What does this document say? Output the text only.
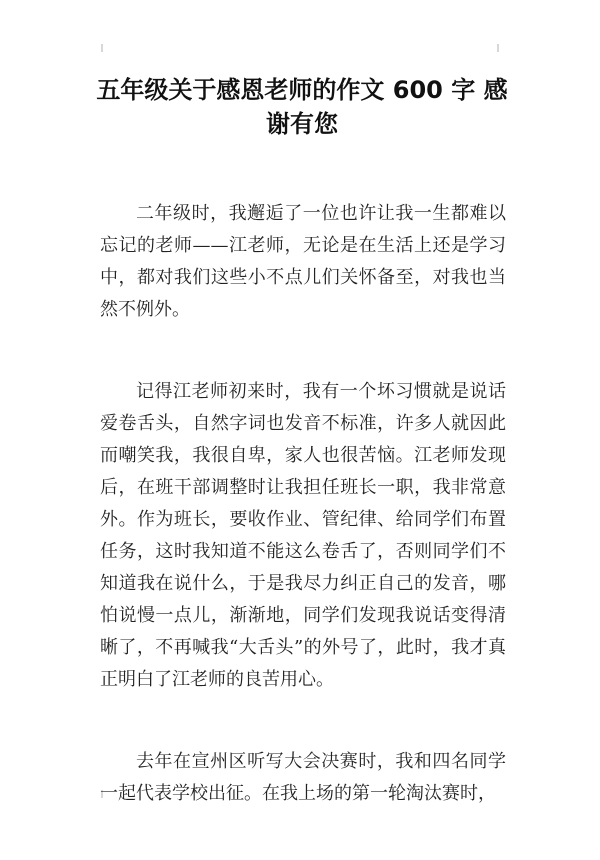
五年级关于感恩老师的作文 600 字 感谢有您

二年级时，我邂逅了一位也许让我一生都难以忘记的老师——江老师，无论是在生活上还是学习中，都对我们这些小不点儿们关怀备至，对我也当然不例外。

记得江老师初来时，我有一个坏习惯就是说话爱卷舌头，自然字词也发音不标准，许多人就因此而嘲笑我，我很自卑，家人也很苦恼。江老师发现后，在班干部调整时让我担任班长一职，我非常意外。作为班长，要收作业、管纪律、给同学们布置任务，这时我知道不能这么卷舌了，否则同学们不知道我在说什么，于是我尽力纠正自己的发音，哪怕说慢一点儿，渐渐地，同学们发现我说话变得清晰了，不再喊我“大舌头”的外号了，此时，我才真正明白了江老师的良苦用心。

去年在宣州区听写大会决赛时，我和四名同学一起代表学校出征。在我上场的第一轮淘汰赛时，
